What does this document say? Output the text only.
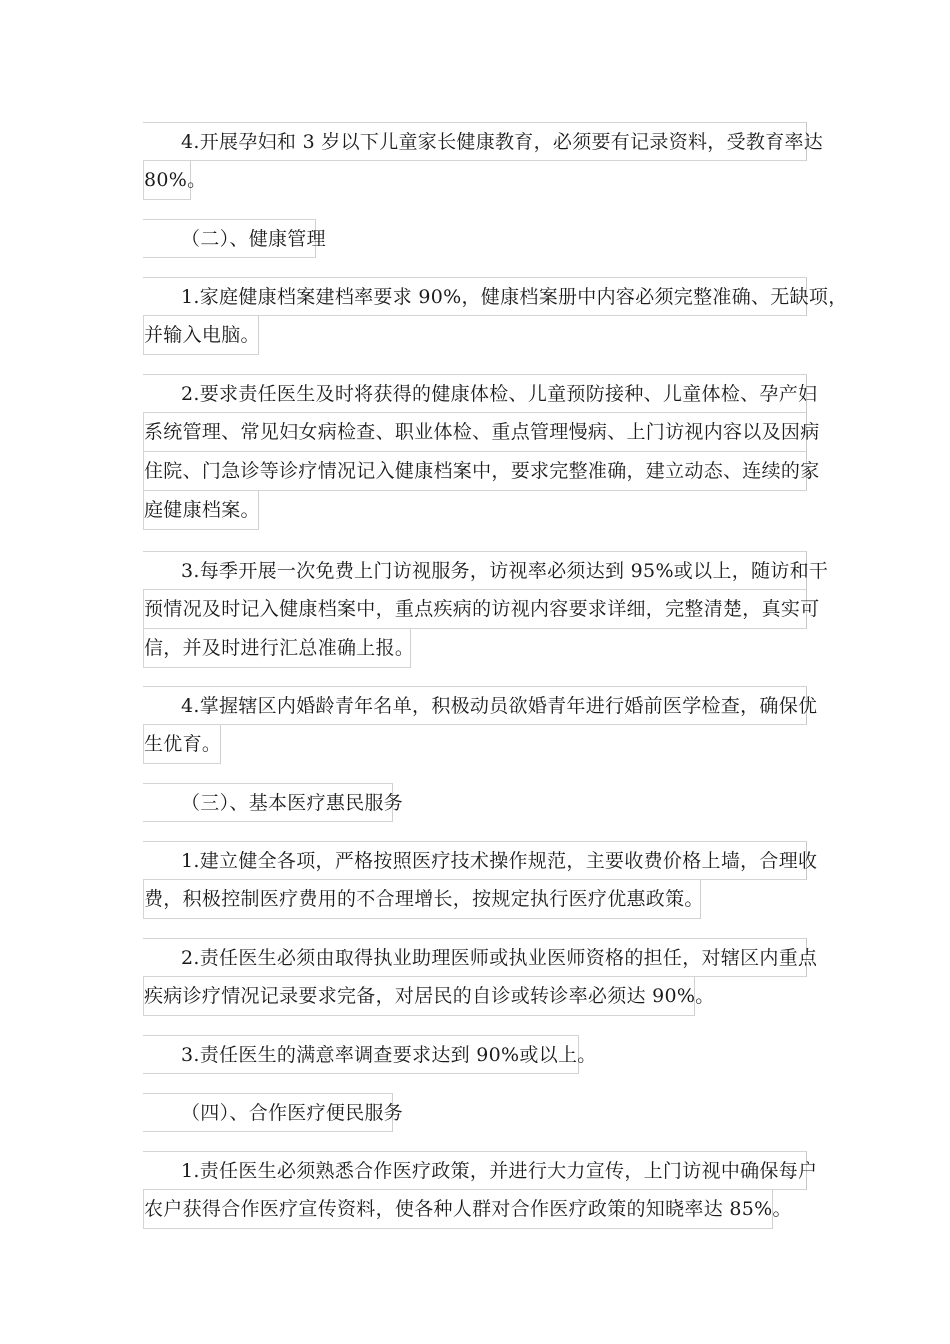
4.开展孕妇和 3 岁以下儿童家长健康教育，必须要有记录资料，受教育率达
80%。
（二）、健康管理
1.家庭健康档案建档率要求 90%，健康档案册中内容必须完整准确、无缺项，
并输入电脑。
2.要求责任医生及时将获得的健康体检、儿童预防接种、儿童体检、孕产妇
系统管理、常见妇女病检查、职业体检、重点管理慢病、上门访视内容以及因病
住院、门急诊等诊疗情况记入健康档案中，要求完整准确，建立动态、连续的家
庭健康档案。
3.每季开展一次免费上门访视服务，访视率必须达到 95%或以上，随访和干
预情况及时记入健康档案中，重点疾病的访视内容要求详细，完整清楚，真实可
信，并及时进行汇总准确上报。
4.掌握辖区内婚龄青年名单，积极动员欲婚青年进行婚前医学检查，确保优
生优育。
（三）、基本医疗惠民服务
1.建立健全各项，严格按照医疗技术操作规范，主要收费价格上墙，合理收
费，积极控制医疗费用的不合理增长，按规定执行医疗优惠政策。
2.责任医生必须由取得执业助理医师或执业医师资格的担任，对辖区内重点
疾病诊疗情况记录要求完备，对居民的自诊或转诊率必须达 90%。
3.责任医生的满意率调查要求达到 90%或以上。
（四）、合作医疗便民服务
1.责任医生必须熟悉合作医疗政策，并进行大力宣传，上门访视中确保每户
农户获得合作医疗宣传资料，使各种人群对合作医疗政策的知晓率达 85%。
